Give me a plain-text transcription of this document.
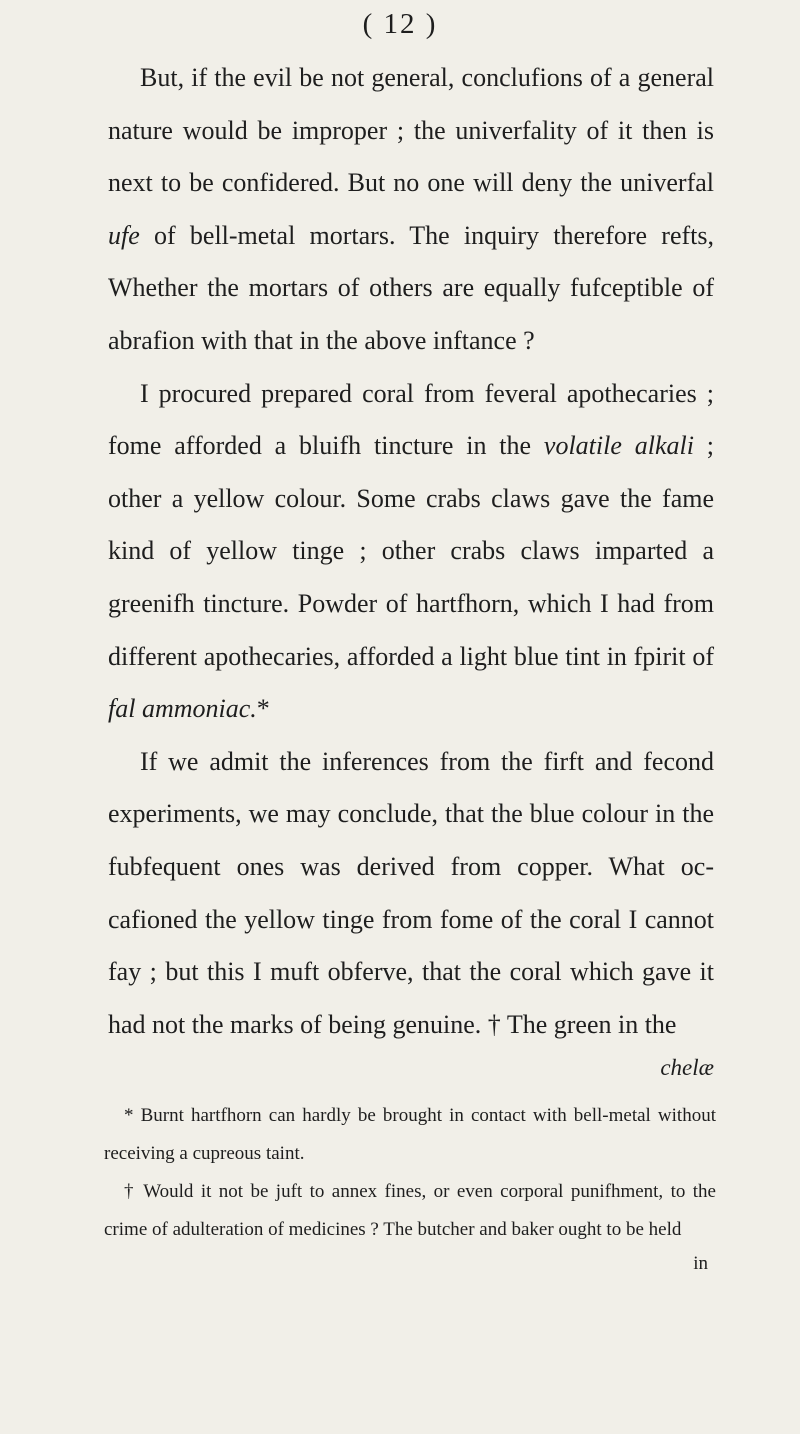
( 12 )

But, if the evil be not general, conclufions of a general nature would be improper ; the univerfality of it then is next to be confidered. But no one will deny the univerfal ufe of bell-metal mortars. The inquiry therefore refts, Whether the mortars of others are equally fufceptible of abrafion with that in the above inftance ?

I procured prepared coral from feveral apothecaries ; fome afforded a bluifh tincture in the volatile alkali ; other a yellow colour. Some crabs claws gave the fame kind of yellow tinge ; other crabs claws imparted a greenifh tincture. Powder of hartfhorn, which I had from different apothecaries, afforded a light blue tint in fpirit of fal ammoniac.*

If we admit the inferences from the firft and fecond experiments, we may conclude, that the blue colour in the fubfequent ones was derived from copper. What occafioned the yellow tinge from fome of the coral I cannot fay ; but this I muft obferve, that the coral which gave it had not the marks of being genuine. † The green in the

chelæ

* Burnt hartfhorn can hardly be brought in contact with bell-metal without receiving a cupreous taint.

† Would it not be juft to annex fines, or even corporal punifhment, to the crime of adulteration of medicines ? The butcher and baker ought to be held

in
